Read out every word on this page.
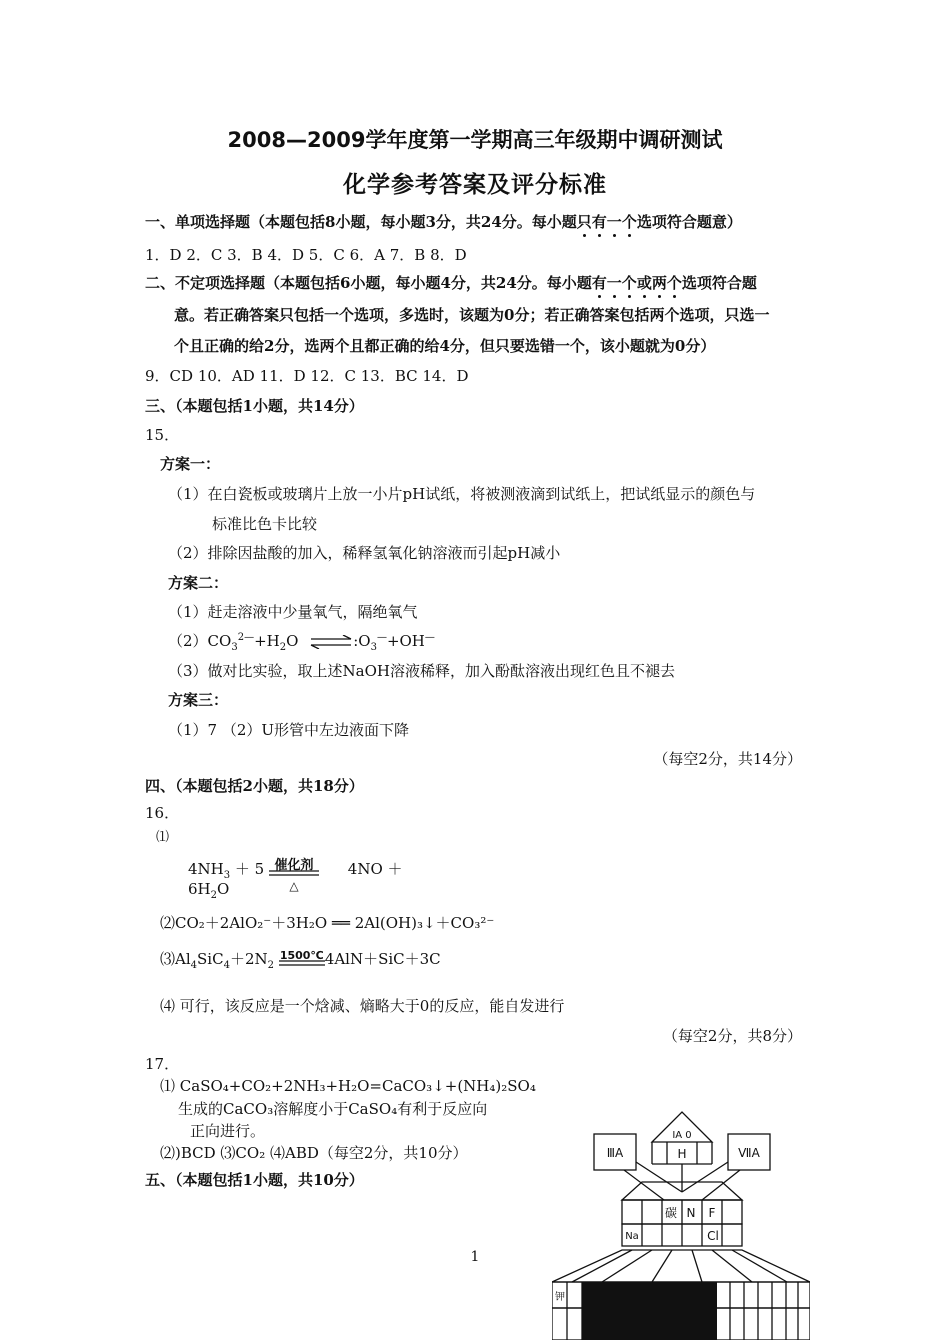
2008—2009学年度第一学期高三年级期中调研测试
化学参考答案及评分标准
一、单项选择题（本题包括8小题，每小题3分，共24分。每小题只有一个选项符合题意）
1．D 2．C 3．B 4．D 5．C 6．A 7．B 8．D
二、不定项选择题（本题包括6小题，每小题4分，共24分。每小题有一个或两个选项符合题
意。若正确答案只包括一个选项，多选时，该题为0分；若正确答案包括两个选项，只选一
个且正确的给2分，选两个且都正确的给4分，但只要选错一个，该小题就为0分）
9．CD 10．AD 11．D 12．C 13．BC 14．D
三、（本题包括1小题，共14分）
15．
方案一：
（1）在白瓷板或玻璃片上放一小片pH试纸，将被测液滴到试纸上，把试纸显示的颜色与
标准比色卡比较
（2）排除因盐酸的加入，稀释氢氧化钠溶液而引起pH减小
方案二：
（1）赶走溶液中少量氧气，隔绝氧气
$(2)CO_3^{2—}+H_2O$ $\rightleftharpoons:O_3^—+OH^—$
（3）做对比实验，取上述NaOH溶液稀释，加入酚酞溶液出现红色且不褪去
方案三：
（1）7 （2）U形管中左边液面下降
（每空2分，共14分）
四、（本题包括2小题，共18分）
16．
⑴
$4NH_3 + 5$ 催化剂
△
4NO ＋
$6H_2O$
⑵CO₂＋2AlO₂⁻＋3H₂O ══ 2Al(OH)₃↓＋CO₃²⁻
$⑶Al_4SiC_4+2N_2$
1500℃ 4AlN＋SiC＋3C
⑷ 可行，该反应是一个焓减、熵略大于0的反应，能自发进行
（每空2分，共8分）
17．
⑴ CaSO₄+CO₂+2NH₃+H₂O=CaCO₃↓+(NH₄)₂SO₄
生成的CaCO₃溶解度小于CaSO₄有利于反应向
正向进行。
⑵)BCD ⑶CO₂ ⑷ABD（每空2分，共10分）
五、（本题包括1小题，共10分）
1
IA 0
H
ⅢA	ⅦA
碳 N F
Na	Cl
钾
